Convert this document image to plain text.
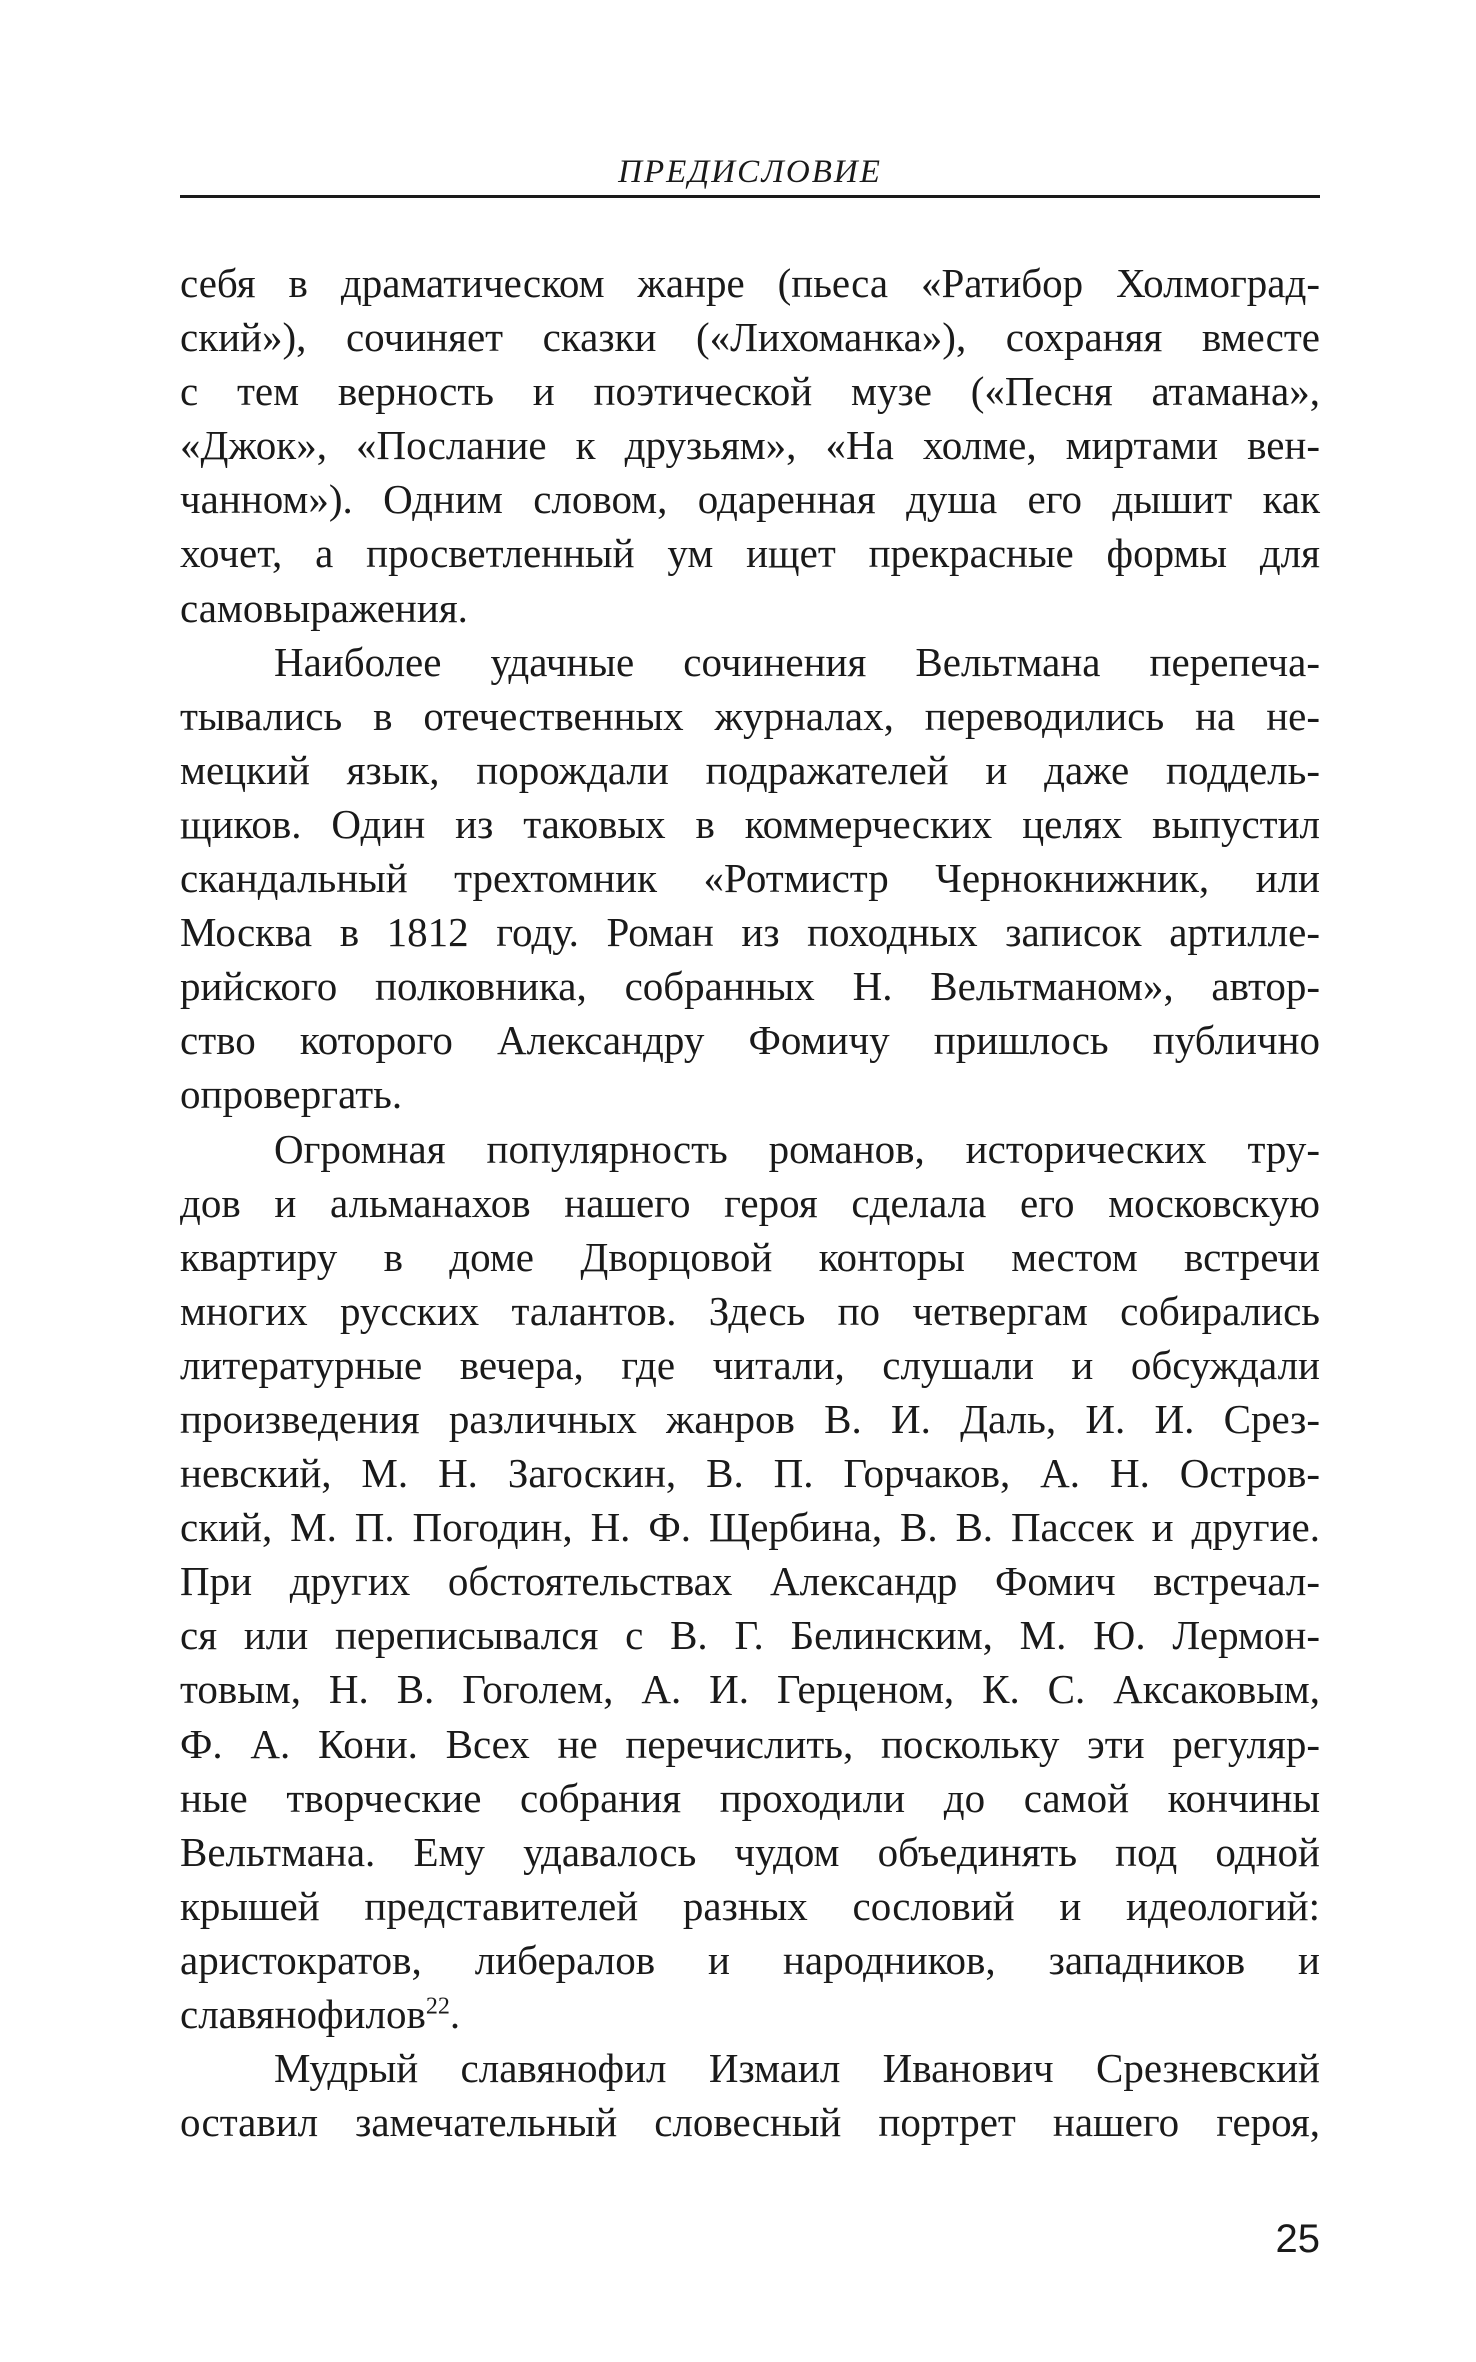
ПРЕДИСЛОВИЕ
себя в драматическом жанре (пьеса «Ратибор Холмоград-
ский»), сочиняет сказки («Лихоманка»), сохраняя вместе
с тем верность и поэтической музе («Песня атамана»,
«Джок», «Послание к друзьям», «На холме, миртами вен-
чанном»). Одним словом, одаренная душа его дышит как
хочет, а просветленный ум ищет прекрасные формы для
самовыражения.
Наиболее удачные сочинения Вельтмана перепеча-
тывались в отечественных журналах, переводились на не-
мецкий язык, порождали подражателей и даже поддель-
щиков. Один из таковых в коммерческих целях выпустил
скандальный трехтомник «Ротмистр Чернокнижник, или
Москва в 1812 году. Роман из походных записок артилле-
рийского полковника, собранных Н. Вельтманом», автор-
ство которого Александру Фомичу пришлось публично
опровергать.
Огромная популярность романов, исторических тру-
дов и альманахов нашего героя сделала его московскую
квартиру в доме Дворцовой конторы местом встречи
многих русских талантов. Здесь по четвергам собирались
литературные вечера, где читали, слушали и обсуждали
произведения различных жанров В. И. Даль, И. И. Срез-
невский, М. Н. Загоскин, В. П. Горчаков, А. Н. Остров-
ский, М. П. Погодин, Н. Ф. Щербина, В. В. Пассек и другие.
При других обстоятельствах Александр Фомич встречал-
ся или переписывался с В. Г. Белинским, М. Ю. Лермон-
товым, Н. В. Гоголем, А. И. Герценом, К. С. Аксаковым,
Ф. А. Кони. Всех не перечислить, поскольку эти регуляр-
ные творческие собрания проходили до самой кончины
Вельтмана. Ему удавалось чудом объединять под одной
крышей представителей разных сословий и идеологий:
аристократов, либералов и народников, западников и
славянофилов$^{22}$.
Мудрый славянофил Измаил Иванович Срезневский
оставил замечательный словесный портрет нашего героя,
25
